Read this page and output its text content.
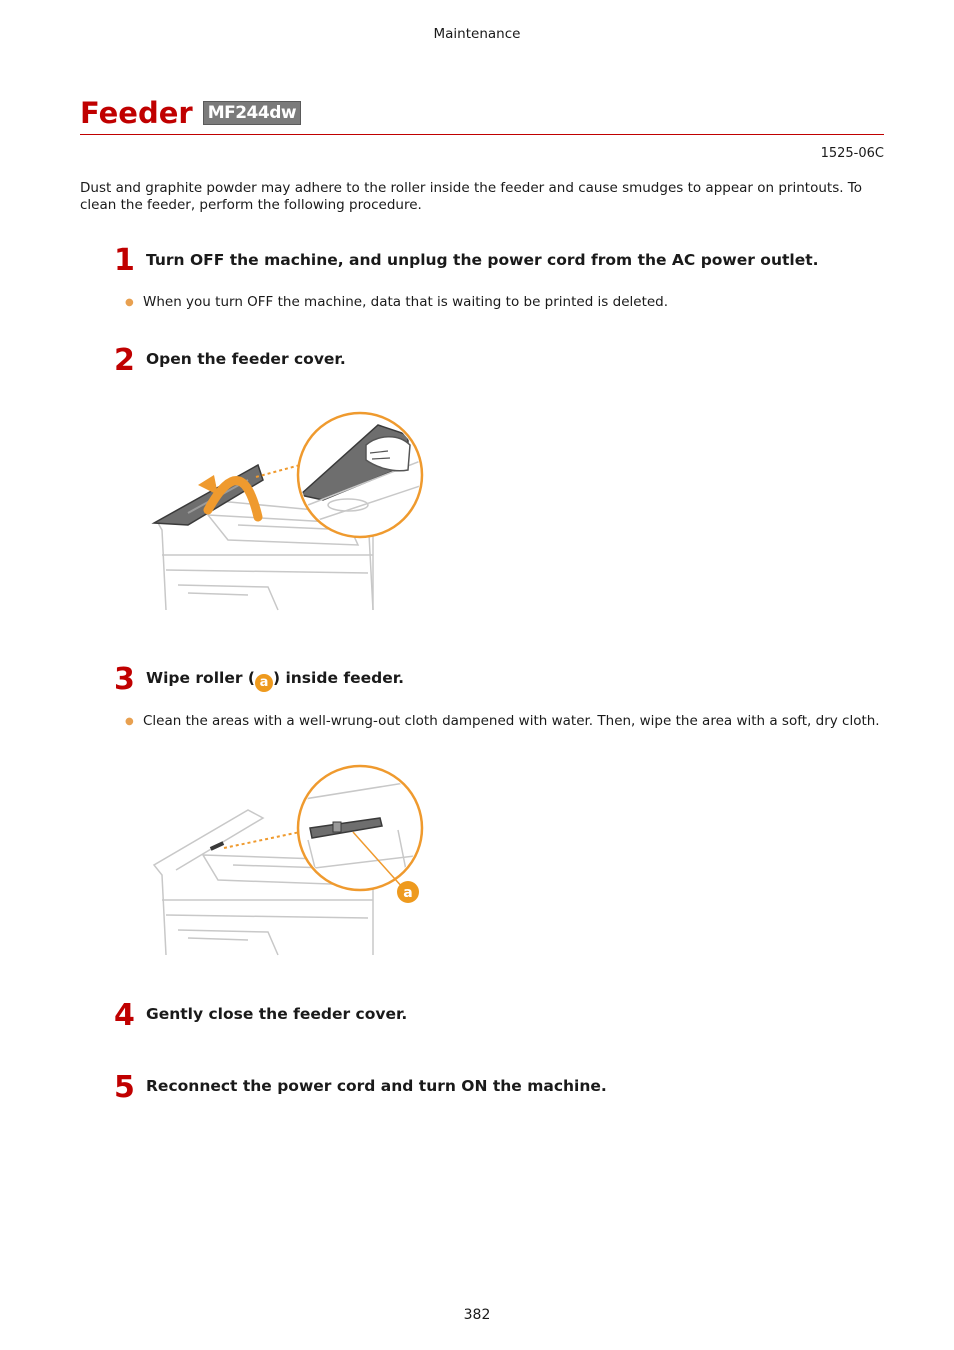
Maintenance
Feeder MF244dw
1525-06C
Dust and graphite powder may adhere to the roller inside the feeder and cause smudges to appear on printouts. To clean the feeder, perform the following procedure.
1 Turn OFF the machine, and unplug the power cord from the AC power outlet.
● When you turn OFF the machine, data that is waiting to be printed is deleted.
2 Open the feeder cover.
3 Wipe roller ( a ) inside feeder.
● Clean the areas with a well-wrung-out cloth dampened with water. Then, wipe the area with a soft, dry cloth.
a
4 Gently close the feeder cover.
5 Reconnect the power cord and turn ON the machine.
382
